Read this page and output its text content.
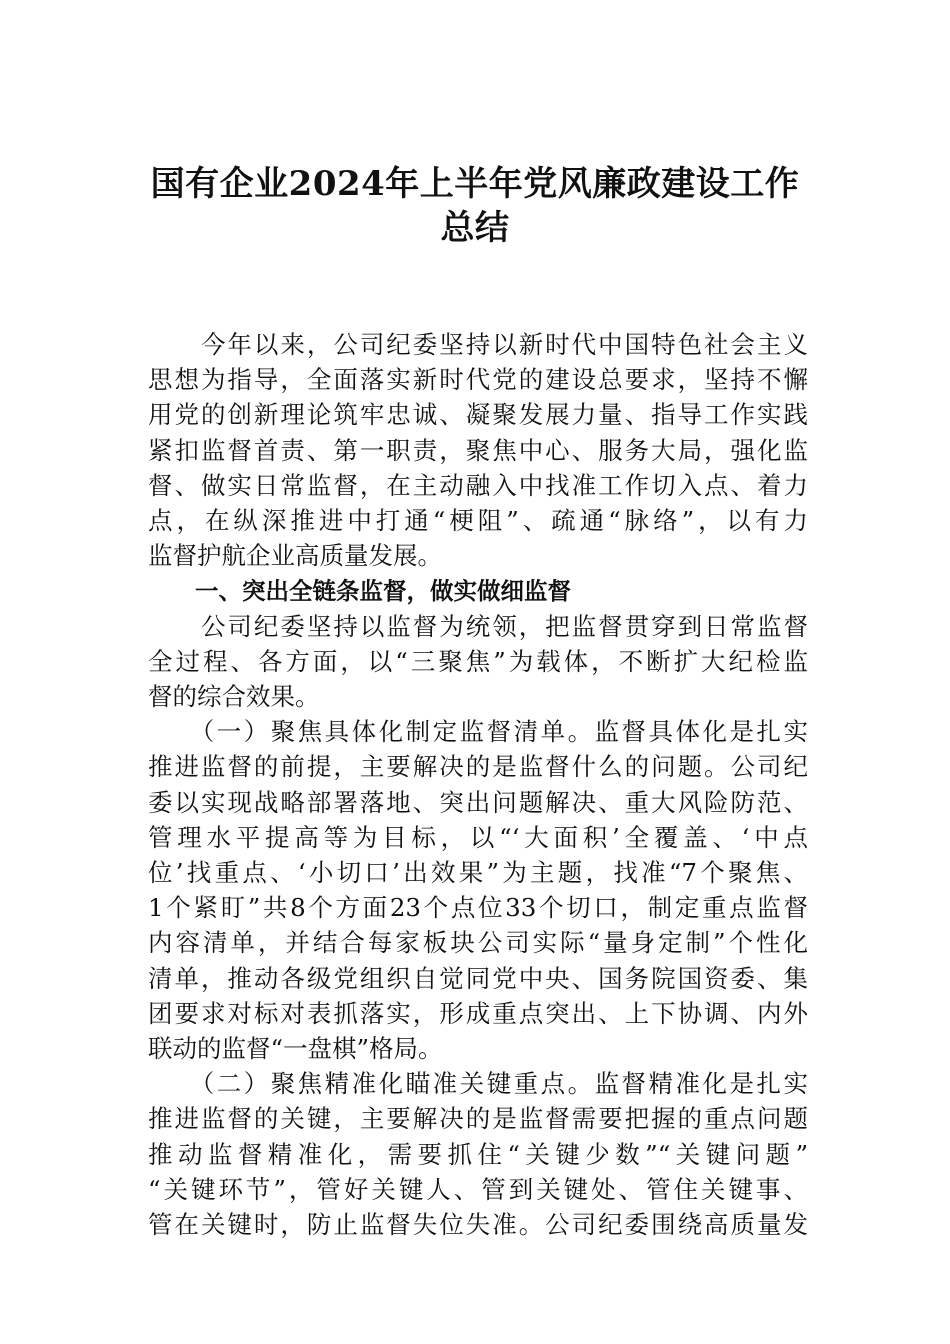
国有企业2024年上半年党风廉政建设工作
总结
　　今年以来，公司纪委坚持以新时代中国特色社会主义
思想为指导，全面落实新时代党的建设总要求，坚持不懈
用党的创新理论筑牢忠诚、凝聚发展力量、指导工作实践
紧扣监督首责、第一职责，聚焦中心、服务大局，强化监
督、做实日常监督，在主动融入中找准工作切入点、着力
点，在纵深推进中打通“梗阻”、疏通“脉络”，以有力
监督护航企业高质量发展。
　　一、突出全链条监督，做实做细监督
　　公司纪委坚持以监督为统领，把监督贯穿到日常监督
全过程、各方面，以“三聚焦”为载体，不断扩大纪检监
督的综合效果。
　　（一）聚焦具体化制定监督清单。监督具体化是扎实
推进监督的前提，主要解决的是监督什么的问题。公司纪
委以实现战略部署落地、突出问题解决、重大风险防范、
管理水平提高等为目标，以“‘大面积’全覆盖、‘中点
位’找重点、‘小切口’出效果”为主题，找准“7个聚焦、
1个紧盯”共8个方面23个点位33个切口，制定重点监督
内容清单，并结合每家板块公司实际“量身定制”个性化
清单，推动各级党组织自觉同党中央、国务院国资委、集
团要求对标对表抓落实，形成重点突出、上下协调、内外
联动的监督“一盘棋”格局。
　　（二）聚焦精准化瞄准关键重点。监督精准化是扎实
推进监督的关键，主要解决的是监督需要把握的重点问题
推动监督精准化，需要抓住“关键少数”“关键问题”
“关键环节”，管好关键人、管到关键处、管住关键事、
管在关键时，防止监督失位失准。公司纪委围绕高质量发
